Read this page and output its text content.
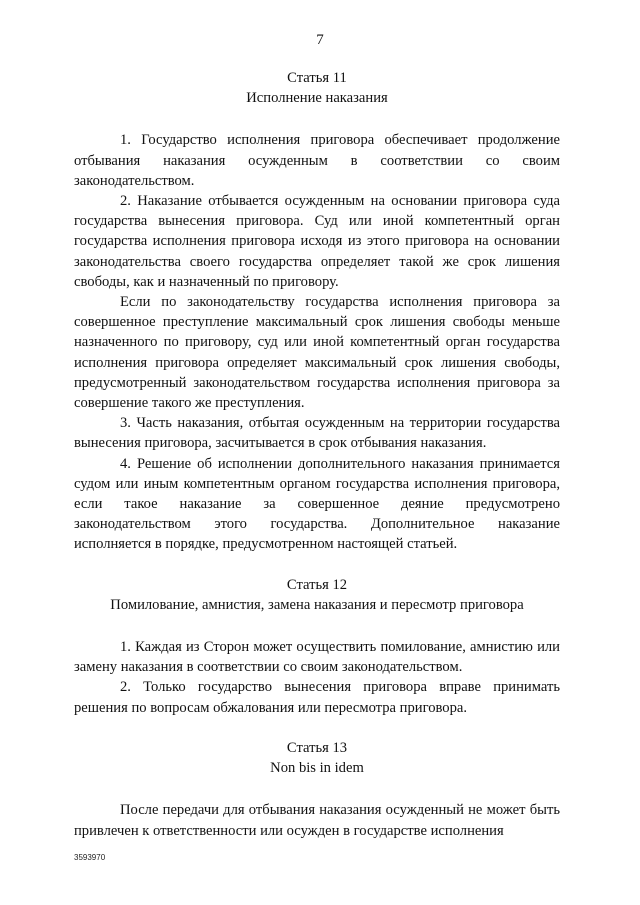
7
Статья 11
Исполнение наказания

1. Государство исполнения приговора обеспечивает продолжение отбывания наказания осужденным в соответствии со своим законодательством.

2. Наказание отбывается осужденным на основании приговора суда государства вынесения приговора. Суд или иной компетентный орган государства исполнения приговора исходя из этого приговора на основании законодательства своего государства определяет такой же срок лишения свободы, как и назначенный по приговору.

Если по законодательству государства исполнения приговора за совершенное преступление максимальный срок лишения свободы меньше назначенного по приговору, суд или иной компетентный орган государства исполнения приговора определяет максимальный срок лишения свободы, предусмотренный законодательством государства исполнения приговора за совершение такого же преступления.

3. Часть наказания, отбытая осужденным на территории государства вынесения приговора, засчитывается в срок отбывания наказания.

4. Решение об исполнении дополнительного наказания принимается судом или иным компетентным органом государства исполнения приговора, если такое наказание за совершенное деяние предусмотрено законодательством этого государства. Дополнительное наказание исполняется в порядке, предусмотренном настоящей статьей.

Статья 12
Помилование, амнистия, замена наказания и пересмотр приговора

1. Каждая из Сторон может осуществить помилование, амнистию или замену наказания в соответствии со своим законодательством.

2. Только государство вынесения приговора вправе принимать решения по вопросам обжалования или пересмотра приговора.

Статья 13
Non bis in idem

После передачи для отбывания наказания осужденный не может быть привлечен к ответственности или осужден в государстве исполнения

3593970
